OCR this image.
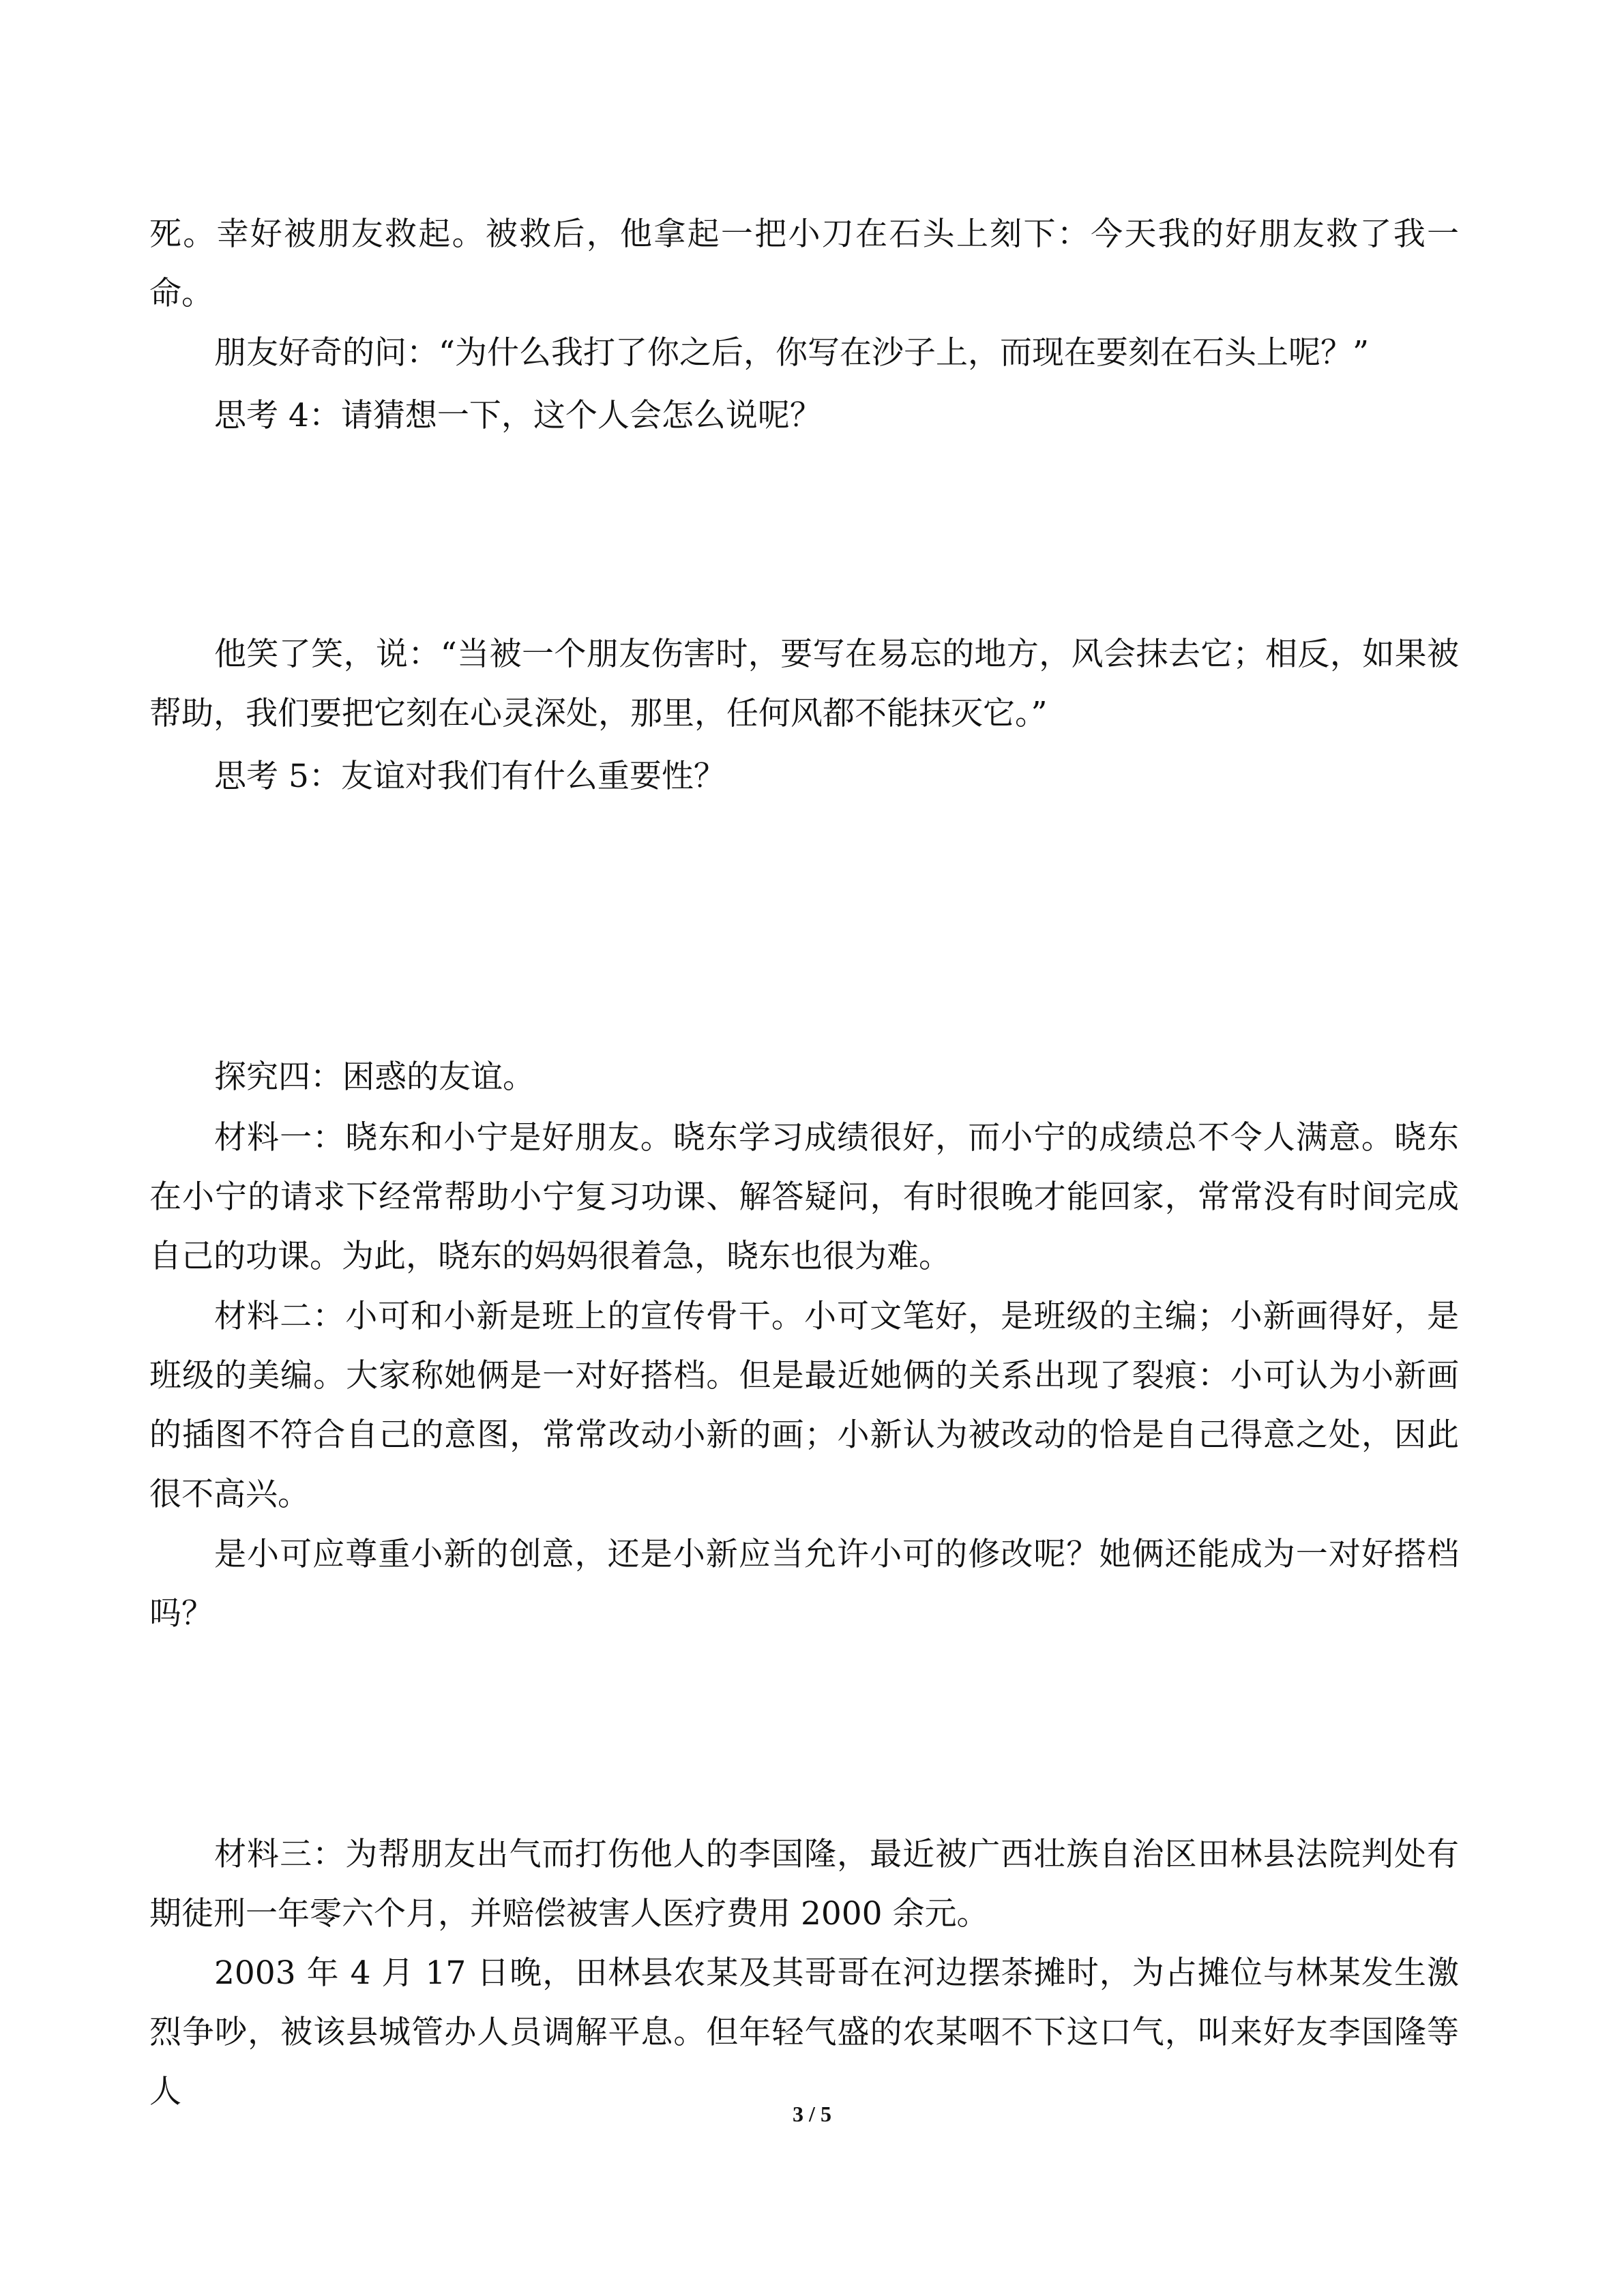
死。幸好被朋友救起。被救后，他拿起一把小刀在石头上刻下：今天我的好朋友救了我一命。

朋友好奇的问：“为什么我打了你之后，你写在沙子上，而现在要刻在石头上呢？”

思考 4：请猜想一下，这个人会怎么说呢？

他笑了笑，说：“当被一个朋友伤害时，要写在易忘的地方，风会抹去它；相反，如果被帮助，我们要把它刻在心灵深处，那里，任何风都不能抹灭它。”

思考 5：友谊对我们有什么重要性？

探究四：困惑的友谊。

材料一：晓东和小宁是好朋友。晓东学习成绩很好，而小宁的成绩总不令人满意。晓东在小宁的请求下经常帮助小宁复习功课、解答疑问，有时很晚才能回家，常常没有时间完成自己的功课。为此，晓东的妈妈很着急，晓东也很为难。

材料二：小可和小新是班上的宣传骨干。小可文笔好，是班级的主编；小新画得好，是班级的美编。大家称她俩是一对好搭档。但是最近她俩的关系出现了裂痕：小可认为小新画的插图不符合自己的意图，常常改动小新的画；小新认为被改动的恰是自己得意之处，因此很不高兴。

是小可应尊重小新的创意，还是小新应当允许小可的修改呢？她俩还能成为一对好搭档吗？

材料三：为帮朋友出气而打伤他人的李国隆，最近被广西壮族自治区田林县法院判处有期徒刑一年零六个月，并赔偿被害人医疗费用 2000 余元。

2003 年 4 月 17 日晚，田林县农某及其哥哥在河边摆茶摊时，为占摊位与林某发生激烈争吵，被该县城管办人员调解平息。但年轻气盛的农某咽不下这口气，叫来好友李国隆等人

3 / 5
